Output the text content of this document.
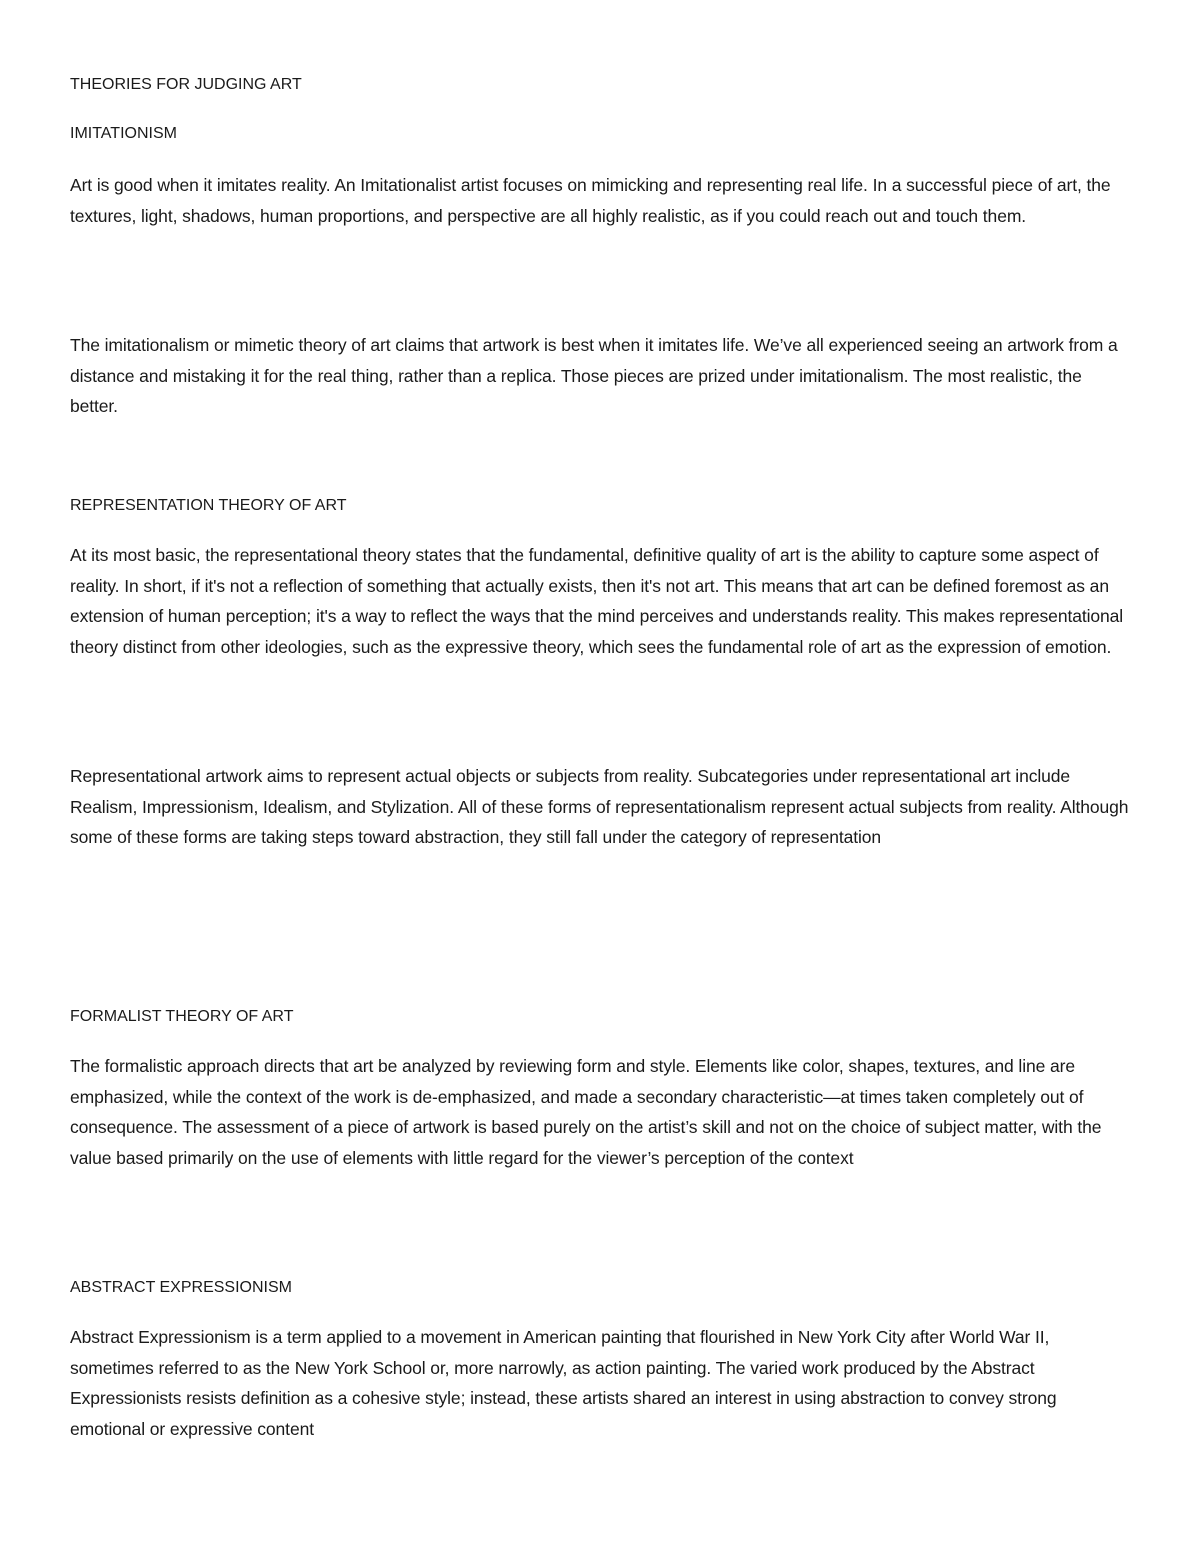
THEORIES FOR JUDGING ART

IMITATIONISM

Art is good when it imitates reality. An Imitationalist artist focuses on mimicking and representing real life. In a successful piece of art, the textures, light, shadows, human proportions, and perspective are all highly realistic, as if you could reach out and touch them.

The imitationalism or mimetic theory of art claims that artwork is best when it imitates life. We’ve all experienced seeing an artwork from a distance and mistaking it for the real thing, rather than a replica. Those pieces are prized under imitationalism. The most realistic, the better.

REPRESENTATION THEORY OF ART

At its most basic, the representational theory states that the fundamental, definitive quality of art is the ability to capture some aspect of reality. In short, if it's not a reflection of something that actually exists, then it's not art. This means that art can be defined foremost as an extension of human perception; it's a way to reflect the ways that the mind perceives and understands reality. This makes representational theory distinct from other ideologies, such as the expressive theory, which sees the fundamental role of art as the expression of emotion.

Representational artwork aims to represent actual objects or subjects from reality. Subcategories under representational art include Realism, Impressionism, Idealism, and Stylization. All of these forms of representationalism represent actual subjects from reality. Although some of these forms are taking steps toward abstraction, they still fall under the category of representation

FORMALIST THEORY OF ART

The formalistic approach directs that art be analyzed by reviewing form and style. Elements like color, shapes, textures, and line are emphasized, while the context of the work is de-emphasized, and made a secondary characteristic—at times taken completely out of consequence. The assessment of a piece of artwork is based purely on the artist’s skill and not on the choice of subject matter, with the value based primarily on the use of elements with little regard for the viewer’s perception of the context

ABSTRACT EXPRESSIONISM

Abstract Expressionism is a term applied to a movement in American painting that flourished in New York City after World War II, sometimes referred to as the New York School or, more narrowly, as action painting. The varied work produced by the Abstract Expressionists resists definition as a cohesive style; instead, these artists shared an interest in using abstraction to convey strong emotional or expressive content
